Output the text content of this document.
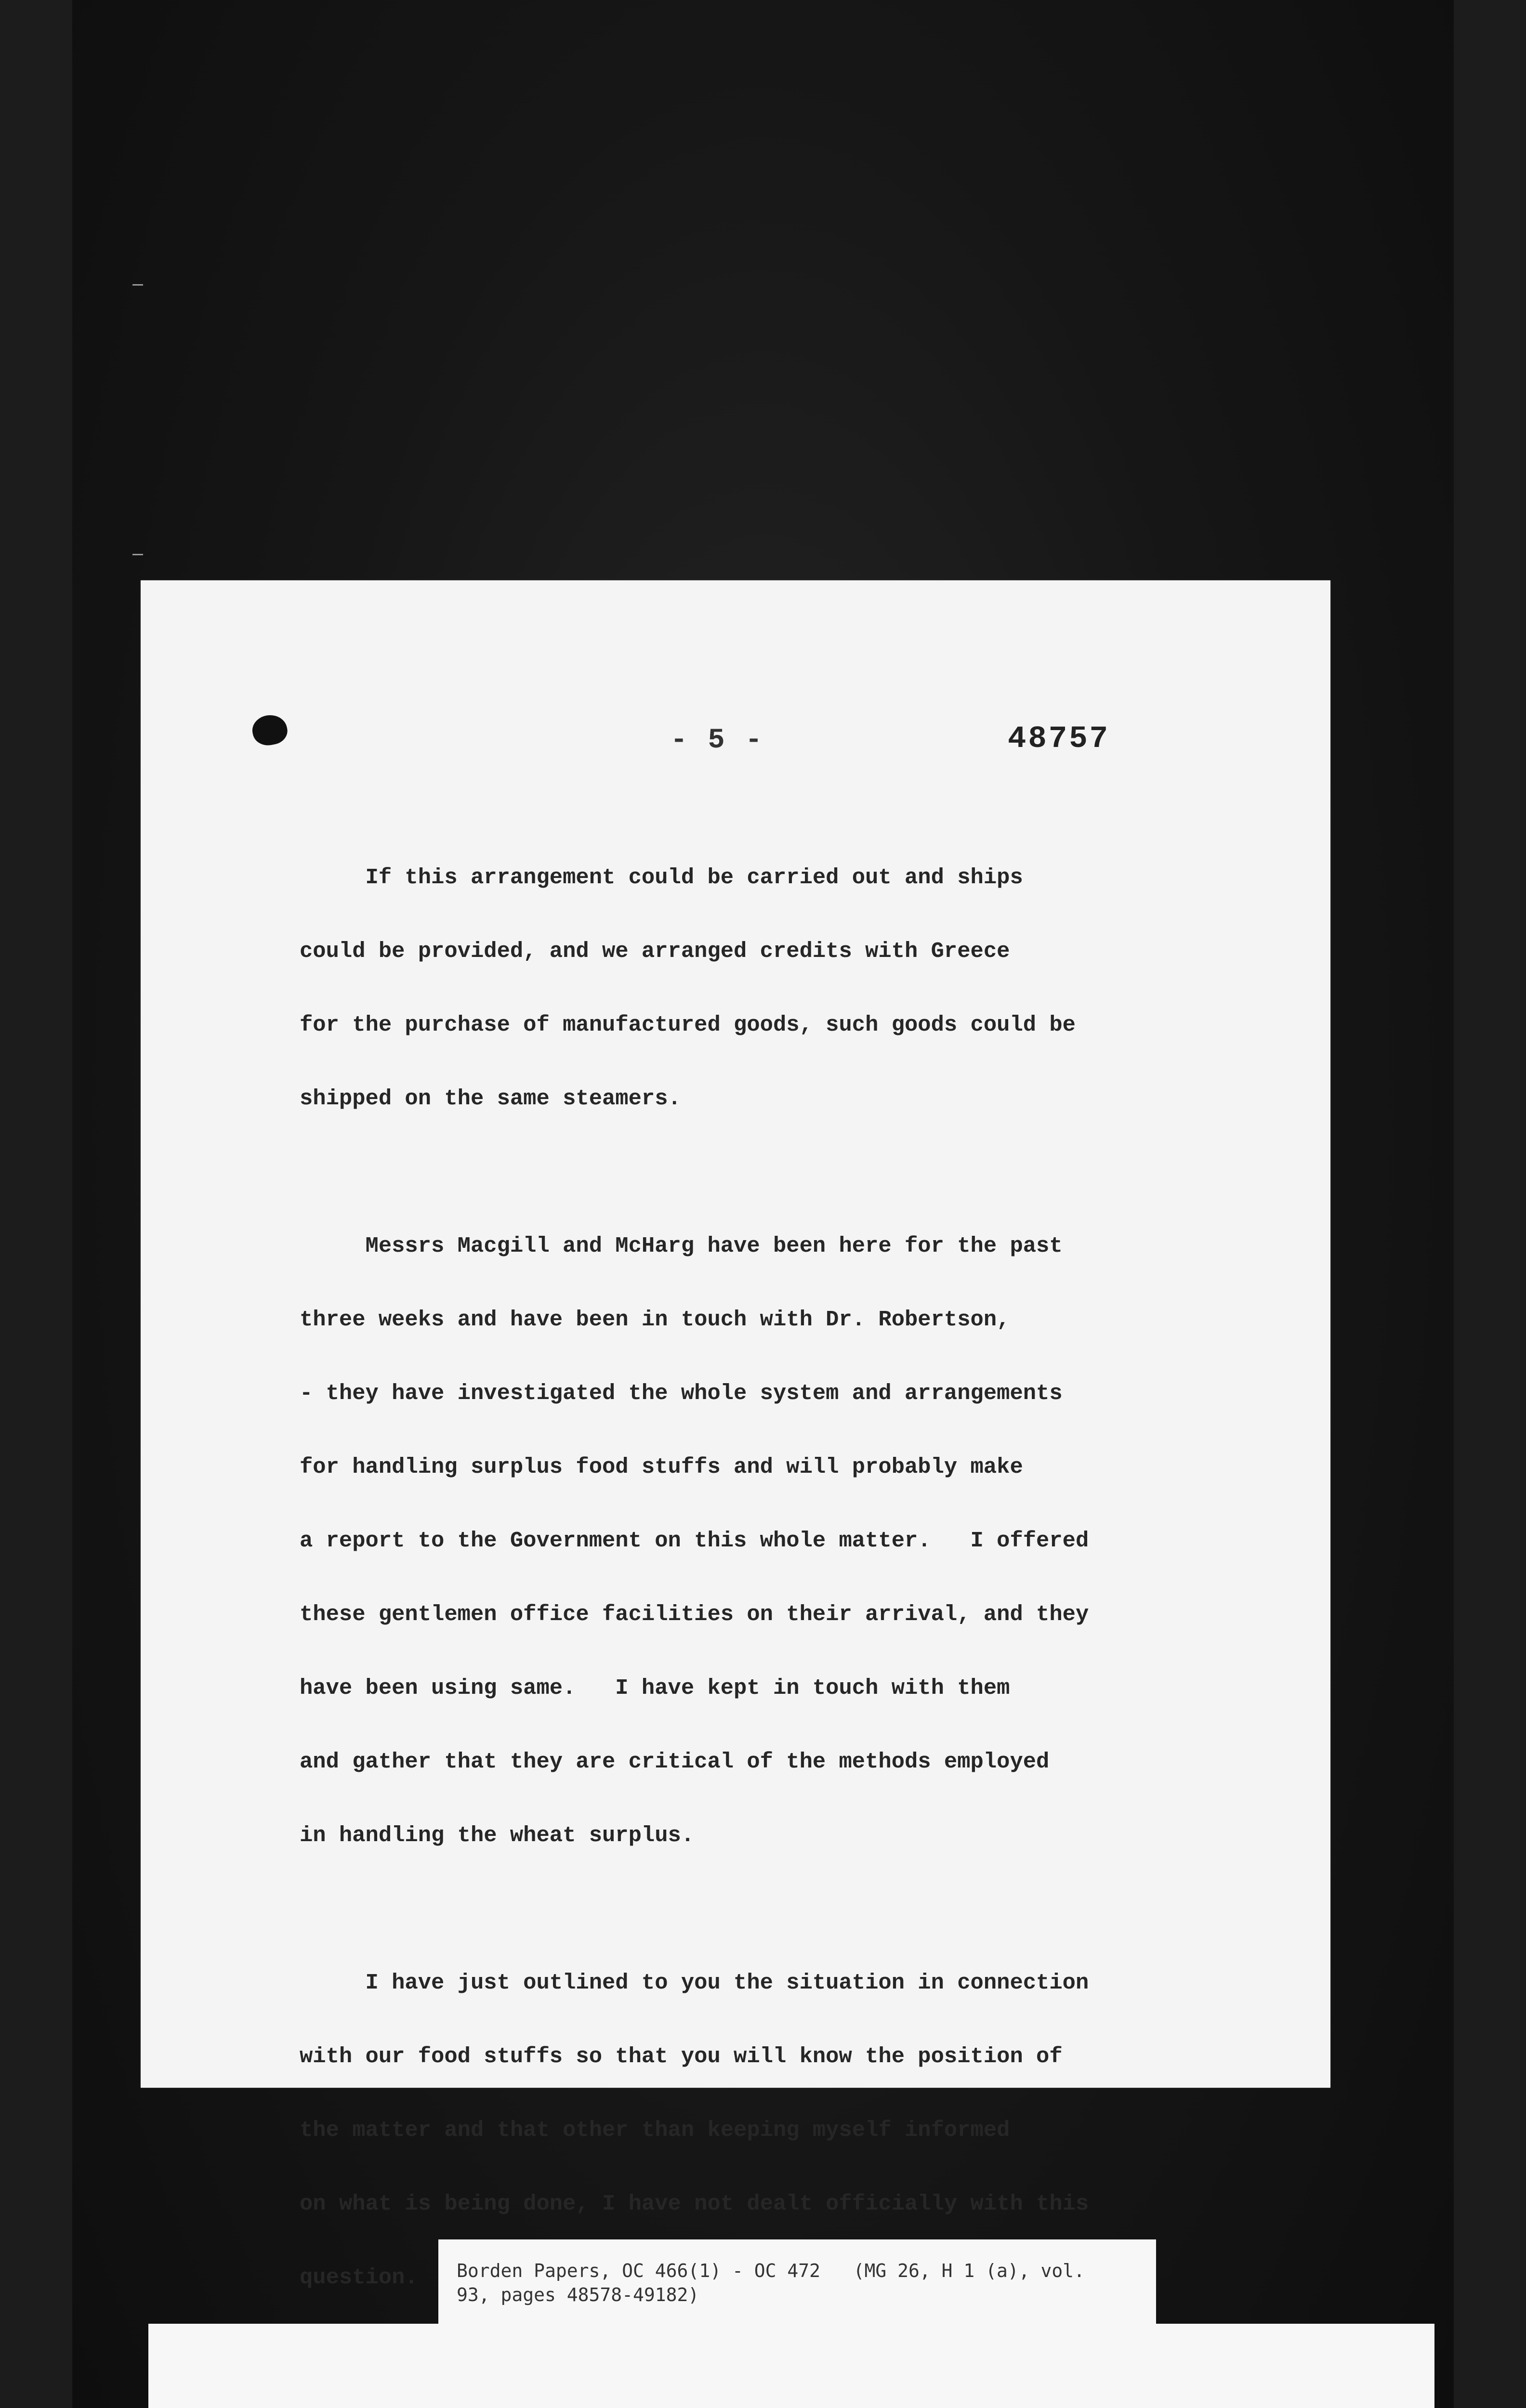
- 5 -	48757

If this arrangement could be carried out and ships

could be provided, and we arranged credits with Greece

for the purchase of manufactured goods, such goods could be

shipped on the same steamers.

Messrs Macgill and McHarg have been here for the past

three weeks and have been in touch with Dr. Robertson,

- they have investigated the whole system and arrangements

for handling surplus food stuffs and will probably make

a report to the Government on this whole matter.   I offered

these gentlemen office facilities on their arrival, and they

have been using same.   I have kept in touch with them

and gather that they are critical of the methods employed

in handling the wheat surplus.

I have just outlined to you the situation in connection

with our food stuffs so that you will know the position of

the matter and that other than keeping myself informed

on what is being done, I have not dealt officially with this

question.

	Borden Papers, OC 466(1) - OC 472   (MG 26, H 1 (a), vol.
93, pages 48578-49182)
